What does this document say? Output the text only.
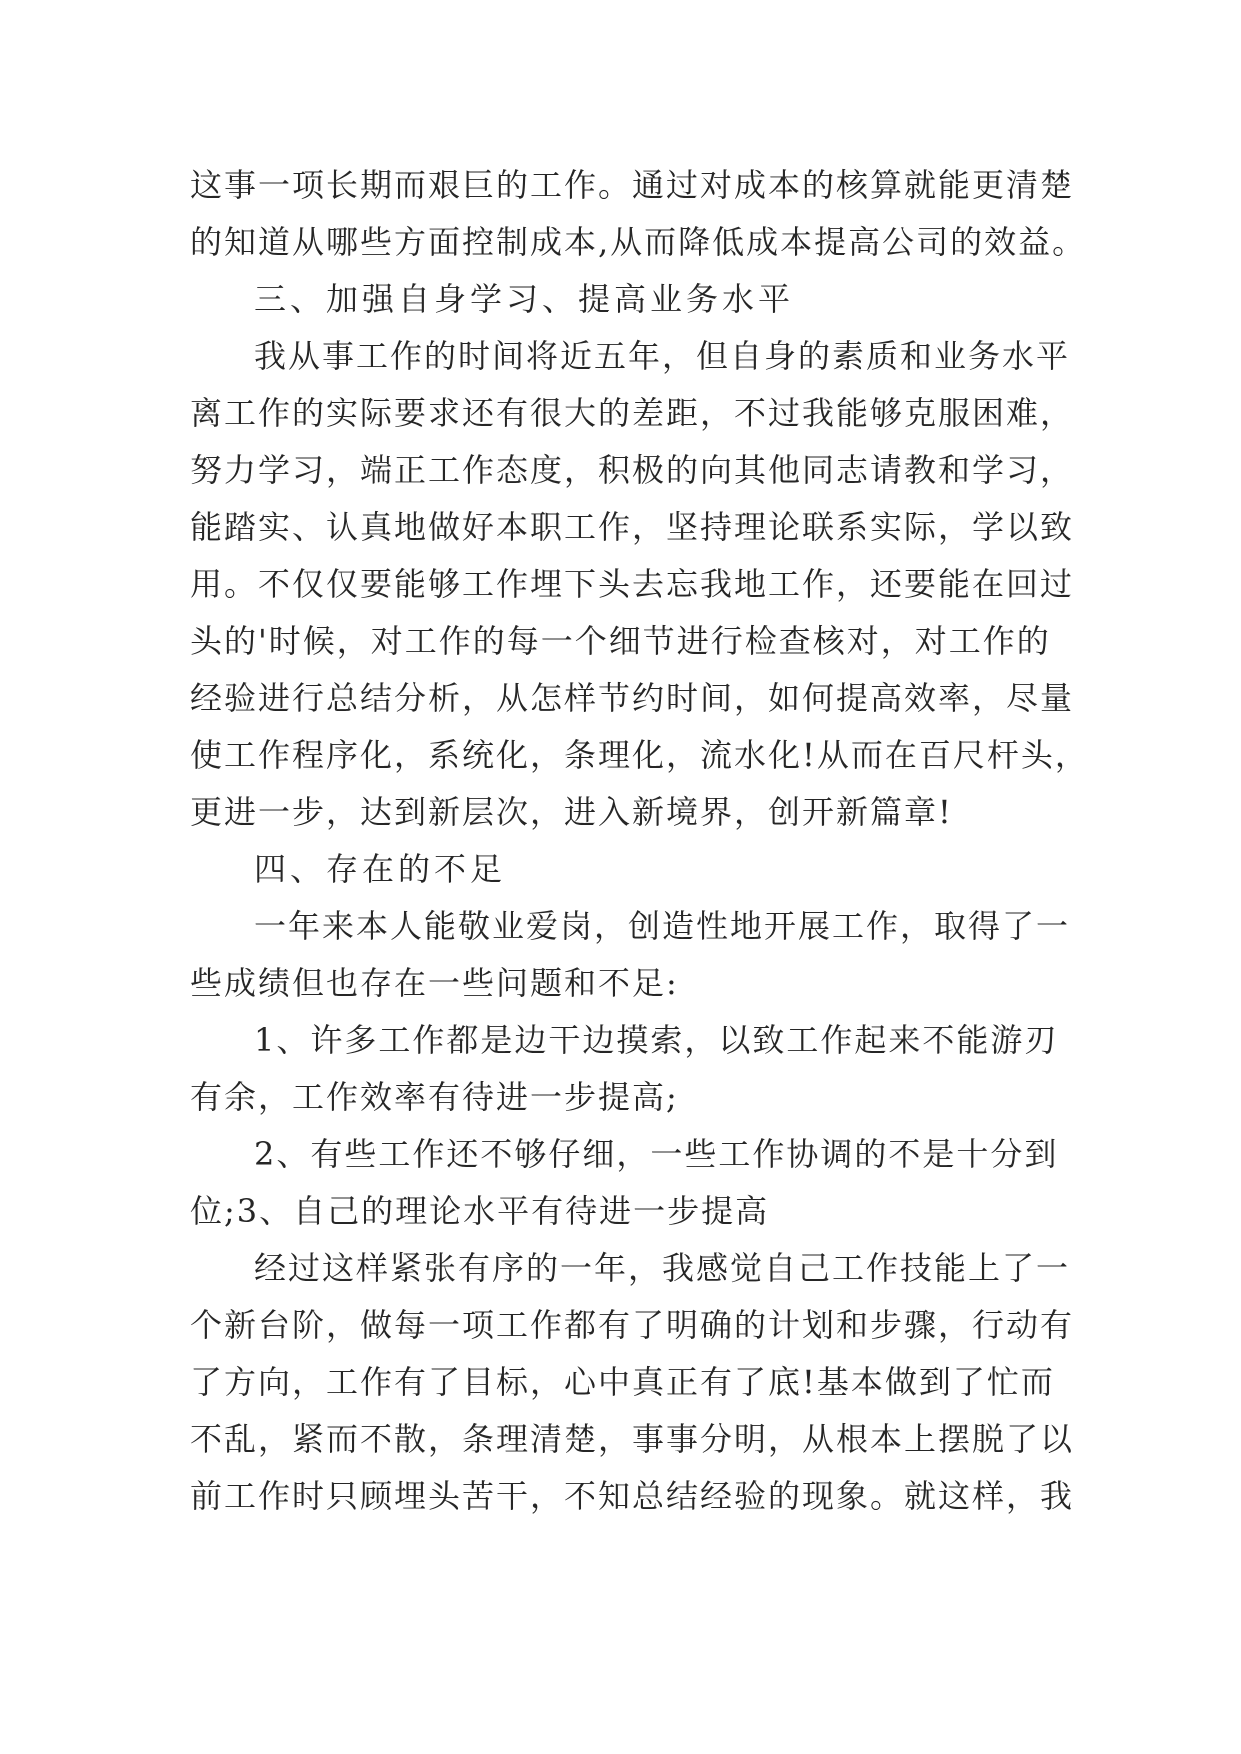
这事一项长期而艰巨的工作。通过对成本的核算就能更清楚
的知道从哪些方面控制成本,从而降低成本提高公司的效益。
三、加强自身学习、提高业务水平
我从事工作的时间将近五年，但自身的素质和业务水平
离工作的实际要求还有很大的差距，不过我能够克服困难，
努力学习，端正工作态度，积极的向其他同志请教和学习，
能踏实、认真地做好本职工作，坚持理论联系实际，学以致
用。不仅仅要能够工作埋下头去忘我地工作，还要能在回过
头的'时候，对工作的每一个细节进行检查核对，对工作的
经验进行总结分析，从怎样节约时间，如何提高效率，尽量
使工作程序化，系统化，条理化，流水化!从而在百尺杆头，
更进一步，达到新层次，进入新境界，创开新篇章!
四、存在的不足
一年来本人能敬业爱岗，创造性地开展工作，取得了一
些成绩但也存在一些问题和不足:
1、许多工作都是边干边摸索，以致工作起来不能游刃
有余，工作效率有待进一步提高;
2、有些工作还不够仔细，一些工作协调的不是十分到
位;3、自己的理论水平有待进一步提高
经过这样紧张有序的一年，我感觉自己工作技能上了一
个新台阶，做每一项工作都有了明确的计划和步骤，行动有
了方向，工作有了目标，心中真正有了底!基本做到了忙而
不乱，紧而不散，条理清楚，事事分明，从根本上摆脱了以
前工作时只顾埋头苦干，不知总结经验的现象。就这样，我
